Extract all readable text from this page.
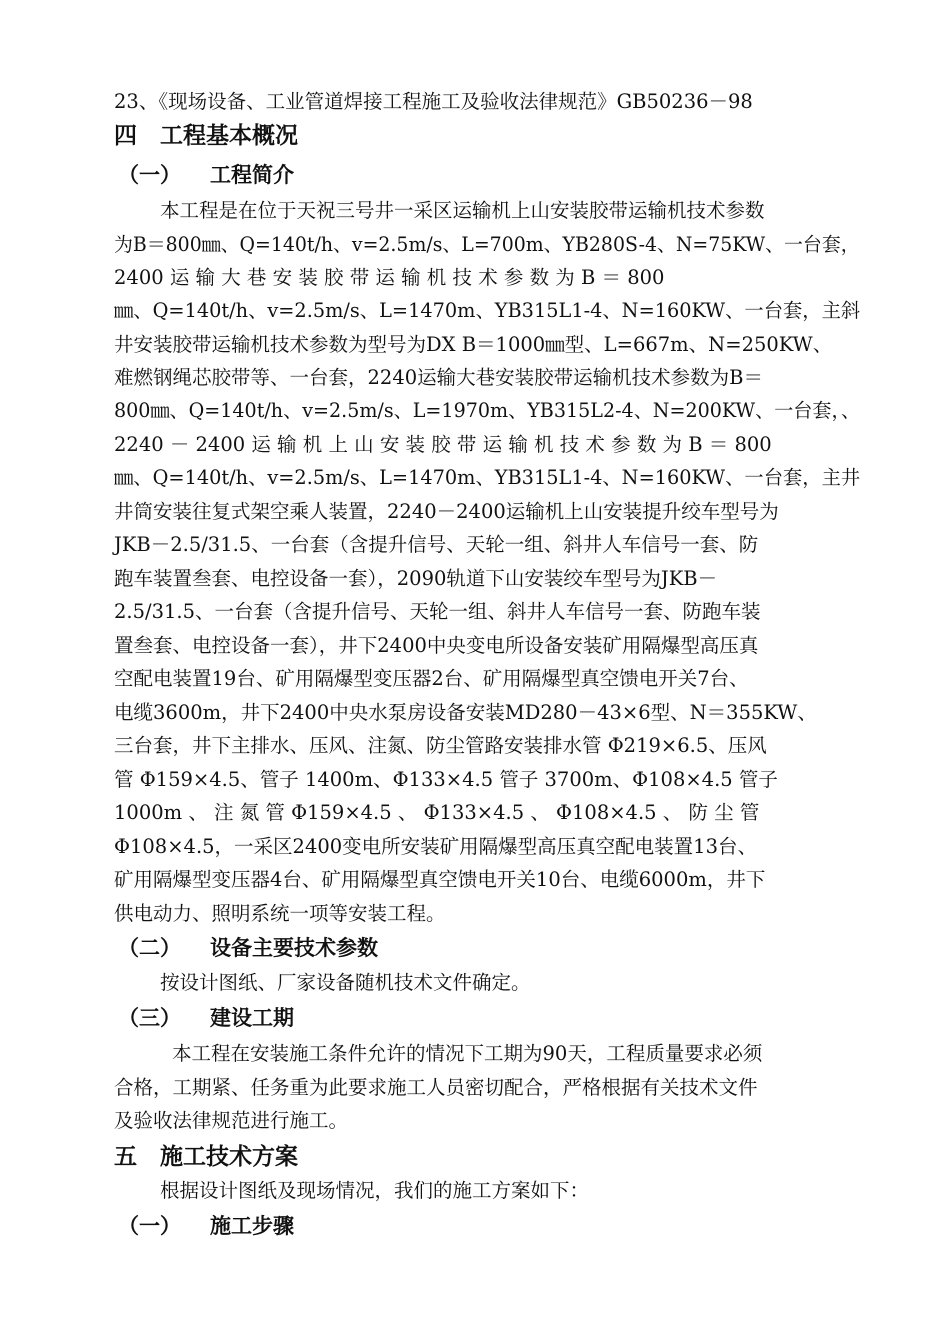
23、《现场设备、工业管道焊接工程施工及验收法律规范》GB50236－98
四 工程基本概况
（一） 工程简介
本工程是在位于天祝三号井一采区运输机上山安装胶带运输机技术参数
为B＝800㎜、Q=140t/h、v=2.5m/s、L=700m、YB280S-4、N=75KW、一台套，
2400 运 输 大 巷 安 装 胶 带 运 输 机 技 术 参 数 为 B ＝ 800
㎜、Q=140t/h、v=2.5m/s、L=1470m、YB315L1-4、N=160KW、一台套，主斜
井安装胶带运输机技术参数为型号为DX B＝1000㎜型、L=667m、N=250KW、
难燃钢绳芯胶带等、一台套，2240运输大巷安装胶带运输机技术参数为B＝
800㎜、Q=140t/h、v=2.5m/s、L=1970m、YB315L2-4、N=200KW、一台套，、
2240 － 2400 运 输 机 上 山 安 装 胶 带 运 输 机 技 术 参 数 为 B ＝ 800
㎜、Q=140t/h、v=2.5m/s、L=1470m、YB315L1-4、N=160KW、一台套，主井
井筒安装往复式架空乘人装置，2240－2400运输机上山安装提升绞车型号为
JKB－2.5/31.5、一台套（含提升信号、天轮一组、斜井人车信号一套、防
跑车装置叁套、电控设备一套），2090轨道下山安装绞车型号为JKB－
2.5/31.5、一台套（含提升信号、天轮一组、斜井人车信号一套、防跑车装
置叁套、电控设备一套），井下2400中央变电所设备安装矿用隔爆型高压真
空配电装置19台、矿用隔爆型变压器2台、矿用隔爆型真空馈电开关7台、
电缆3600m，井下2400中央水泵房设备安装MD280－43×6型、N＝355KW、
三台套，井下主排水、压风、注氮、防尘管路安装排水管 Φ219×6.5、压风
管 Φ159×4.5、管子 1400m、Φ133×4.5 管子 3700m、Φ108×4.5 管子
1000m 、 注 氮 管 Φ159×4.5 、 Φ133×4.5 、 Φ108×4.5 、 防 尘 管
Φ108×4.5，一采区2400变电所安装矿用隔爆型高压真空配电装置13台、
矿用隔爆型变压器4台、矿用隔爆型真空馈电开关10台、电缆6000m，井下
供电动力、照明系统一项等安装工程。
（二） 设备主要技术参数
按设计图纸、厂家设备随机技术文件确定。
（三） 建设工期
本工程在安装施工条件允许的情况下工期为90天，工程质量要求必须
合格，工期紧、任务重为此要求施工人员密切配合，严格根据有关技术文件
及验收法律规范进行施工。
五 施工技术方案
根据设计图纸及现场情况，我们的施工方案如下：
（一） 施工步骤
